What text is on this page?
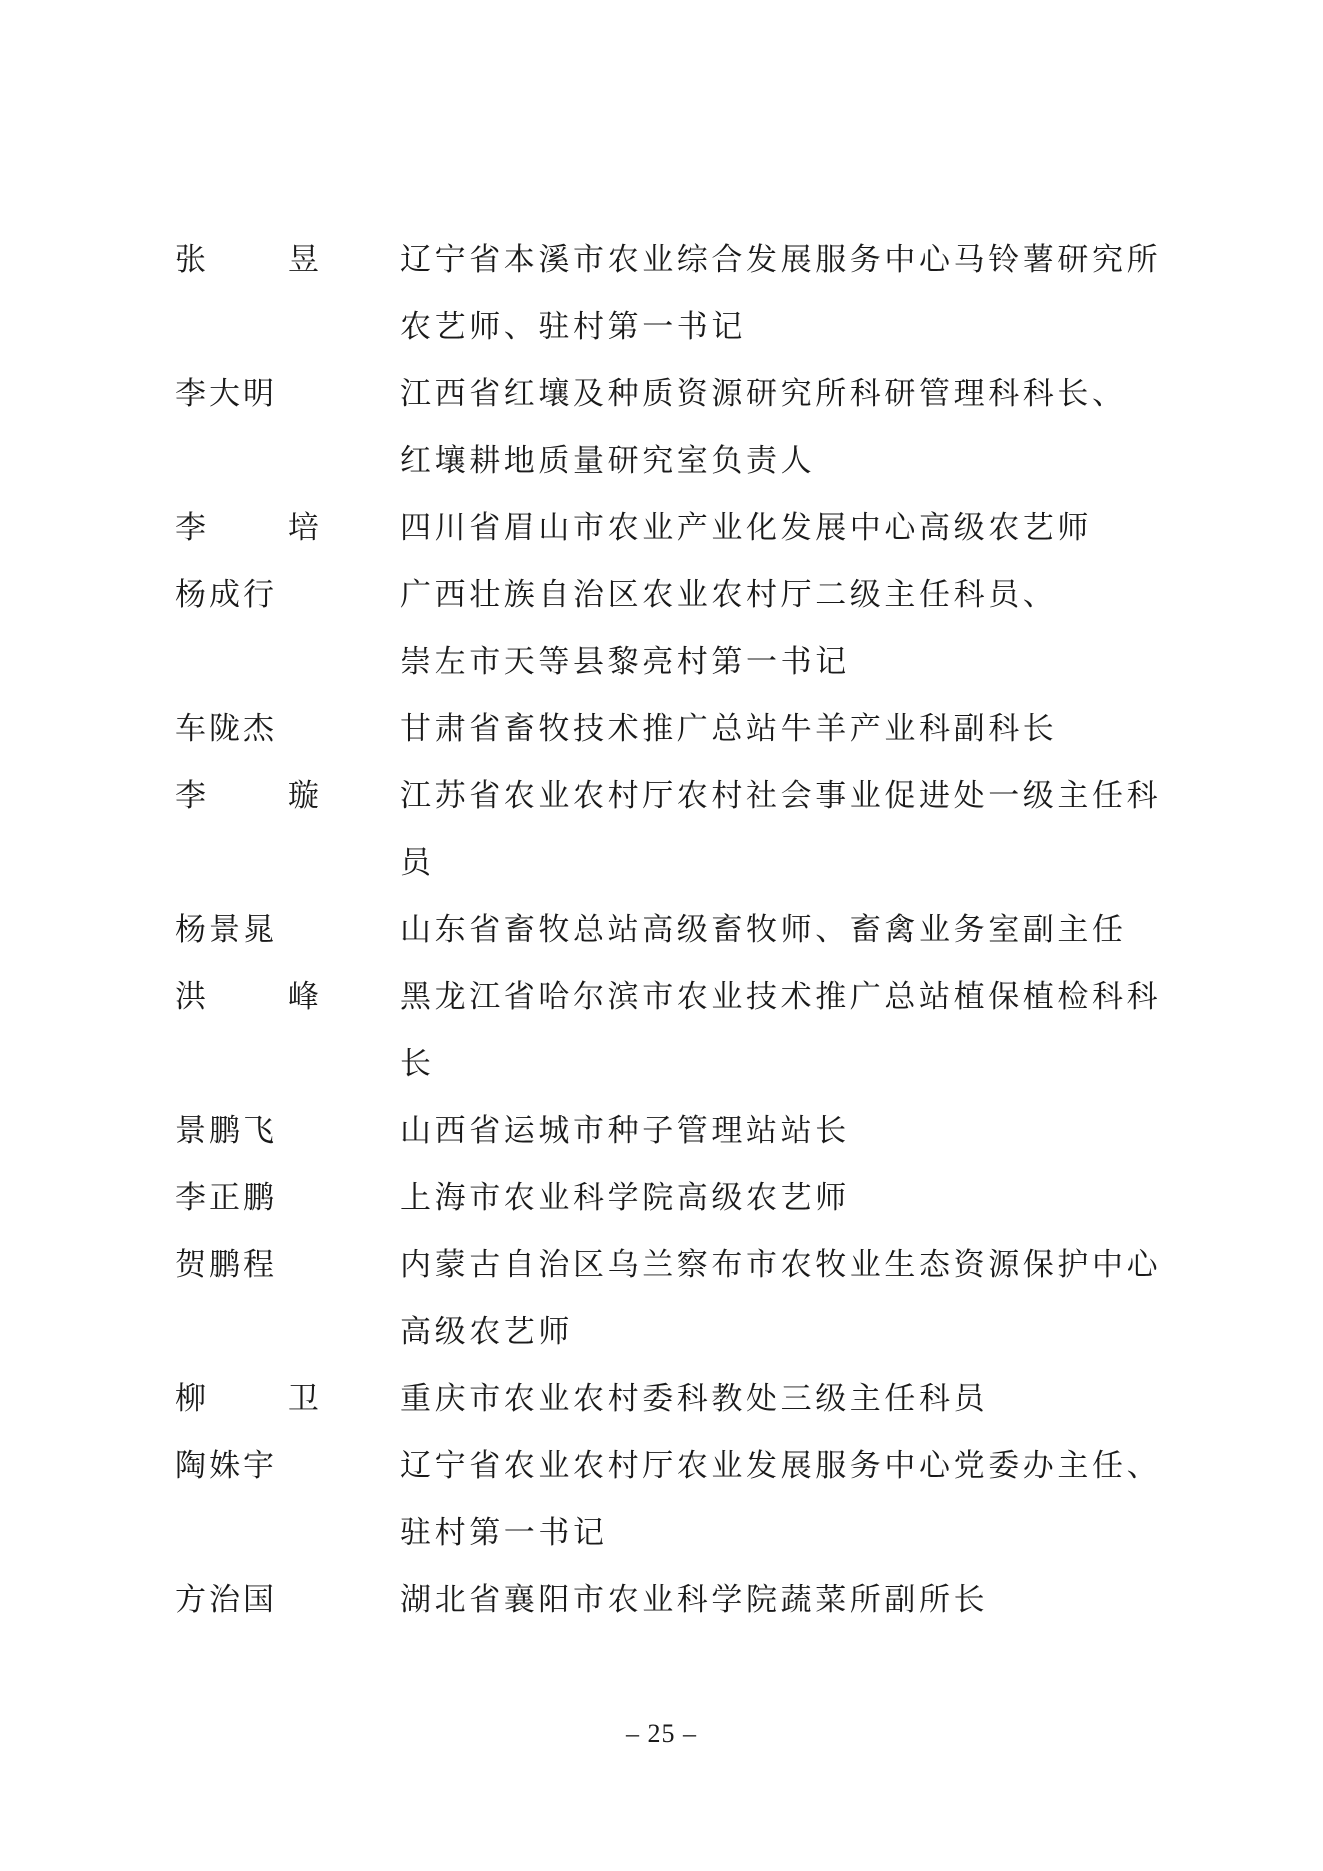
张 昱	辽宁省本溪市农业综合发展服务中心马铃薯研究所
农艺师、驻村第一书记
李大明	江西省红壤及种质资源研究所科研管理科科长、
红壤耕地质量研究室负责人
李 培	四川省眉山市农业产业化发展中心高级农艺师
杨成行	广西壮族自治区农业农村厅二级主任科员、
崇左市天等县黎亮村第一书记
车陇杰	甘肃省畜牧技术推广总站牛羊产业科副科长
李 璇	江苏省农业农村厅农村社会事业促进处一级主任科
员
杨景晁	山东省畜牧总站高级畜牧师、畜禽业务室副主任
洪 峰	黑龙江省哈尔滨市农业技术推广总站植保植检科科
长
景鹏飞	山西省运城市种子管理站站长
李正鹏	上海市农业科学院高级农艺师
贺鹏程	内蒙古自治区乌兰察布市农牧业生态资源保护中心
高级农艺师
柳 卫	重庆市农业农村委科教处三级主任科员
陶姝宇	辽宁省农业农村厅农业发展服务中心党委办主任、
驻村第一书记
方治国	湖北省襄阳市农业科学院蔬菜所副所长
– 25 –
